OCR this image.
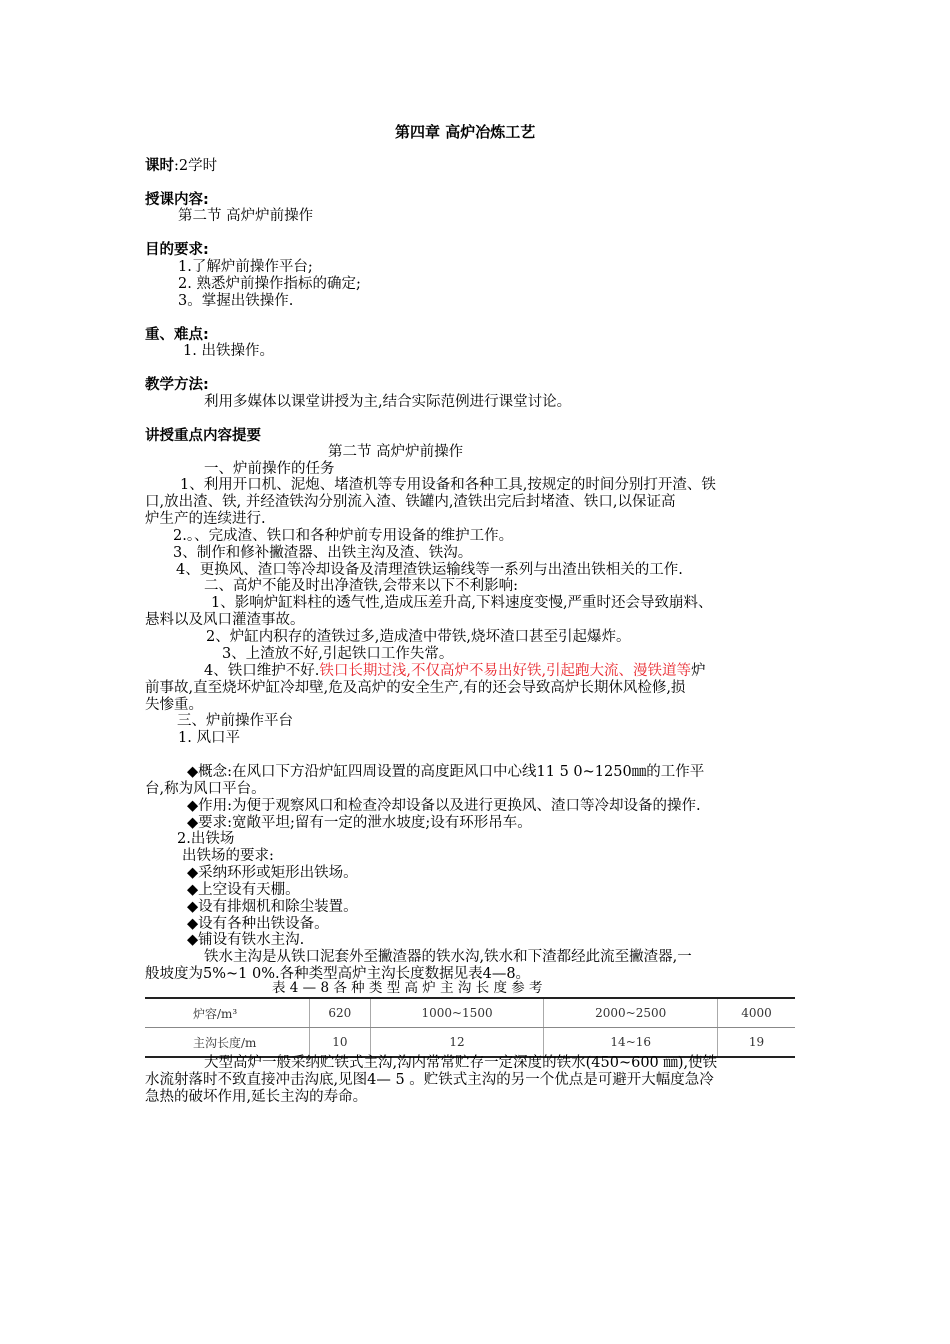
第四章 高炉冶炼工艺
课时:2学时
授课内容:
第二节 高炉炉前操作
目的要求:
1.了解炉前操作平台;
2. 熟悉炉前操作指标的确定;
3。掌握出铁操作.
重、难点:
1. 出铁操作。
教学方法:
利用多媒体以课堂讲授为主,结合实际范例进行课堂讨论。
讲授重点内容提要
第二节 高炉炉前操作
一、炉前操作的任务
1、利用开口机、泥炮、堵渣机等专用设备和各种工具,按规定的时间分别打开渣、铁
口,放出渣、铁, 并经渣铁沟分别流入渣、铁罐内,渣铁出完后封堵渣、铁口,以保证高
炉生产的连续进行.
2.。、完成渣、铁口和各种炉前专用设备的维护工作。
3、制作和修补撇渣器、出铁主沟及渣、铁沟。
4、更换风、渣口等冷却设备及清理渣铁运输线等一系列与出渣出铁相关的工作.
二、高炉不能及时出净渣铁,会带来以下不利影响:
1、影响炉缸料柱的透气性,造成压差升高,下料速度变慢,严重时还会导致崩料、
悬料以及风口灌渣事故。
2、炉缸内积存的渣铁过多,造成渣中带铁,烧坏渣口甚至引起爆炸。
3、上渣放不好,引起铁口工作失常。
4、铁口维护不好.铁口长期过浅,不仅高炉不易出好铁,引起跑大流、漫铁道等炉
前事故,直至烧坏炉缸冷却壁,危及高炉的安全生产,有的还会导致高炉长期休风检修,损
失惨重。
三、炉前操作平台
1. 风口平
◆概念:在风口下方沿炉缸四周设置的高度距风口中心线11 5 0~1250㎜的工作平
台,称为风口平台。
◆作用:为便于观察风口和检查冷却设备以及进行更换风、渣口等冷却设备的操作.
◆要求:宽敞平坦;留有一定的泄水坡度;设有环形吊车。
2.出铁场
出铁场的要求:
◆采纳环形或矩形出铁场。
◆上空设有天棚。
◆设有排烟机和除尘装置。
◆设有各种出铁设备。
◆铺设有铁水主沟.
铁水主沟是从铁口泥套外至撇渣器的铁水沟,铁水和下渣都经此流至撇渣器,一
般坡度为5%~1 0%.各种类型高炉主沟长度数据见表4—8。
表 4 — 8 各 种 类 型 高 炉 主 沟 长 度 参 考
炉容/m³	620	1000~1500	2000~2500	4000
主沟长度/m	10	12	14~16	19
大型高炉一般采纳贮铁式主沟,沟内常常贮存一定深度的铁水(450~600 ㎜),使铁
水流射落时不致直接冲击沟底,见图4— 5 。贮铁式主沟的另一个优点是可避开大幅度急冷
急热的破坏作用,延长主沟的寿命。
